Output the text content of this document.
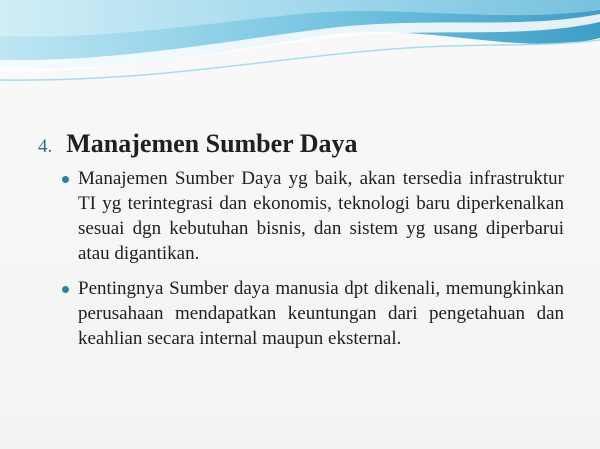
4. Manajemen Sumber Daya
Manajemen Sumber Daya yg baik, akan tersedia infrastruktur TI yg terintegrasi dan ekonomis, teknologi baru diperkenalkan sesuai dgn kebutuhan bisnis, dan sistem yg usang diperbarui atau digantikan.
Pentingnya Sumber daya manusia dpt dikenali, memungkinkan perusahaan mendapatkan keuntungan dari pengetahuan dan keahlian secara internal maupun eksternal.
